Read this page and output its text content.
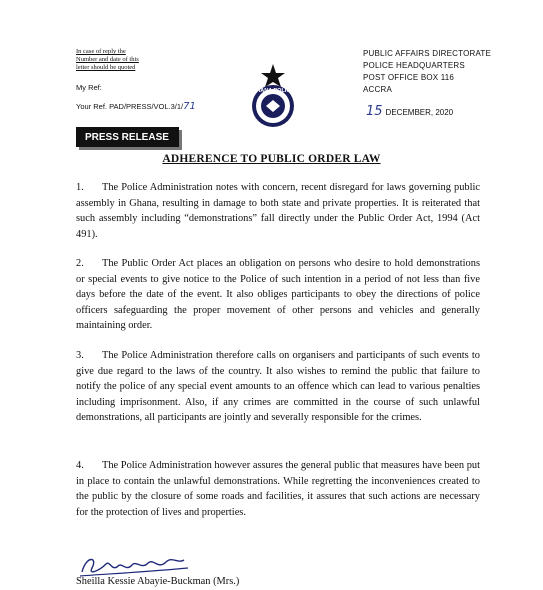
In case of reply the
Number and date of this
letter should be quoted
My Ref:
Your Ref. PAD/PRESS/VOL.3/1/71
GHANA POLICE
PUBLIC AFFAIRS DIRECTORATE
POLICE HEADQUARTERS
POST OFFICE BOX 116
ACCRA
15 DECEMBER, 2020
PRESS RELEASE
ADHERENCE TO PUBLIC ORDER LAW
1. The Police Administration notes with concern, recent disregard for laws governing public assembly in Ghana, resulting in damage to both state and private properties. It is reiterated that such assembly including “demonstrations” fall directly under the Public Order Act, 1994 (Act 491).
2. The Public Order Act places an obligation on persons who desire to hold demonstrations or special events to give notice to the Police of such intention in a period of not less than five days before the date of the event. It also obliges participants to obey the directions of police officers safeguarding the proper movement of other persons and vehicles and generally maintaining order.
3. The Police Administration therefore calls on organisers and participants of such events to give due regard to the laws of the country. It also wishes to remind the public that failure to notify the police of any special event amounts to an offence which can lead to various penalties including imprisonment. Also, if any crimes are committed in the course of such unlawful demonstrations, all participants are jointly and severally responsible for the crimes.
4. The Police Administration however assures the general public that measures have been put in place to contain the unlawful demonstrations. While regretting the inconveniences created to the public by the closure of some roads and facilities, it assures that such actions are necessary for the protection of lives and properties.
Sheilla Kessie Abayie-Buckman (Mrs.)
